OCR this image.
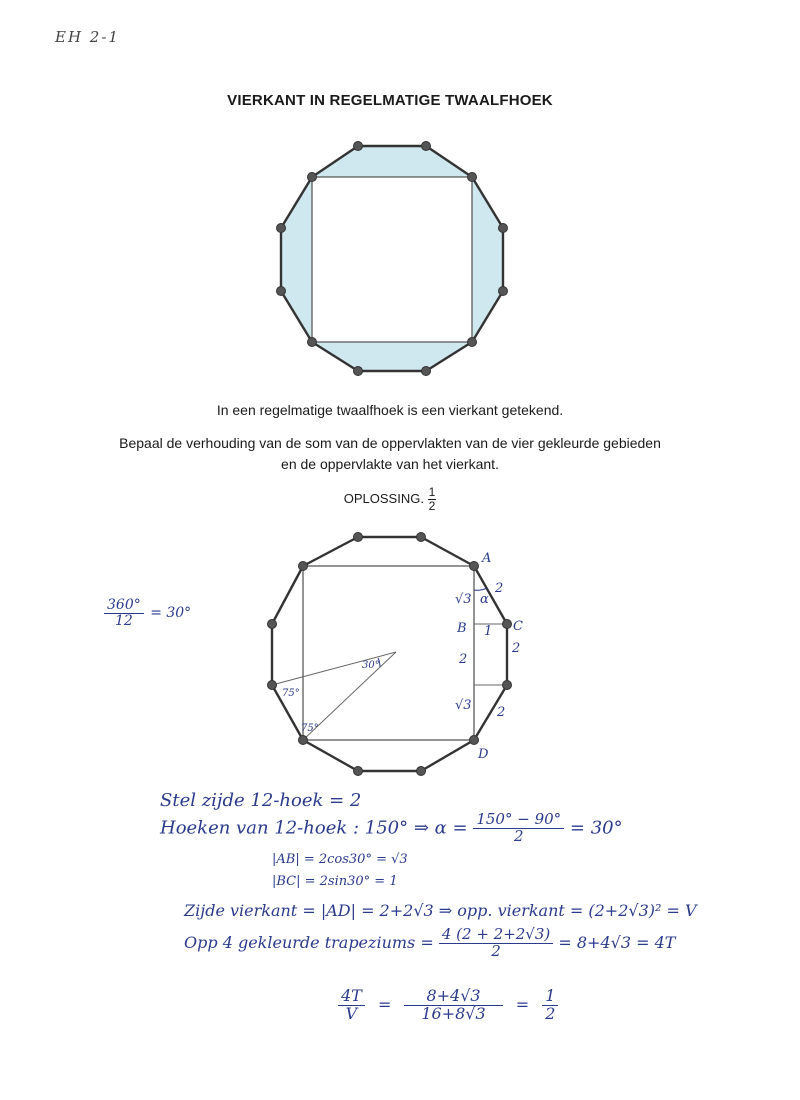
EH 2-1
VIERKANT IN REGELMATIGE TWAALFHOEK
In een regelmatige twaalfhoek is een vierkant getekend.
Bepaal de verhouding van de som van de oppervlakten van de vier gekleurde gebieden
en de oppervlakte van het vierkant.
OPLOSSING. $\frac{1}{2}$
$\frac{360^\circ}{12} = 30^\circ$
A
B	C
D
2
√3 α
1
2
2
√3 2
30°
75°
75°
Stel zijde 12-hoek = 2
Hoeken van 12-hoek : 150° ⇒ $\alpha = \frac{150^\circ - 90^\circ}{2} = 30^\circ$
|AB| = 2cos30° = √3
|BC| = 2sin30° = 1
Zijde vierkant = |AD| = 2+2√3 ⇒ opp. vierkant = (2+2√3)² = V
Opp 4 gekleurde trapeziums = $\frac{4 (2 + 2+2√3)}{2} = 8+4√3 = 4T$
$\frac{4T}{V} = \frac{8+4√3}{16+8√3} = \frac{1}{2}$
